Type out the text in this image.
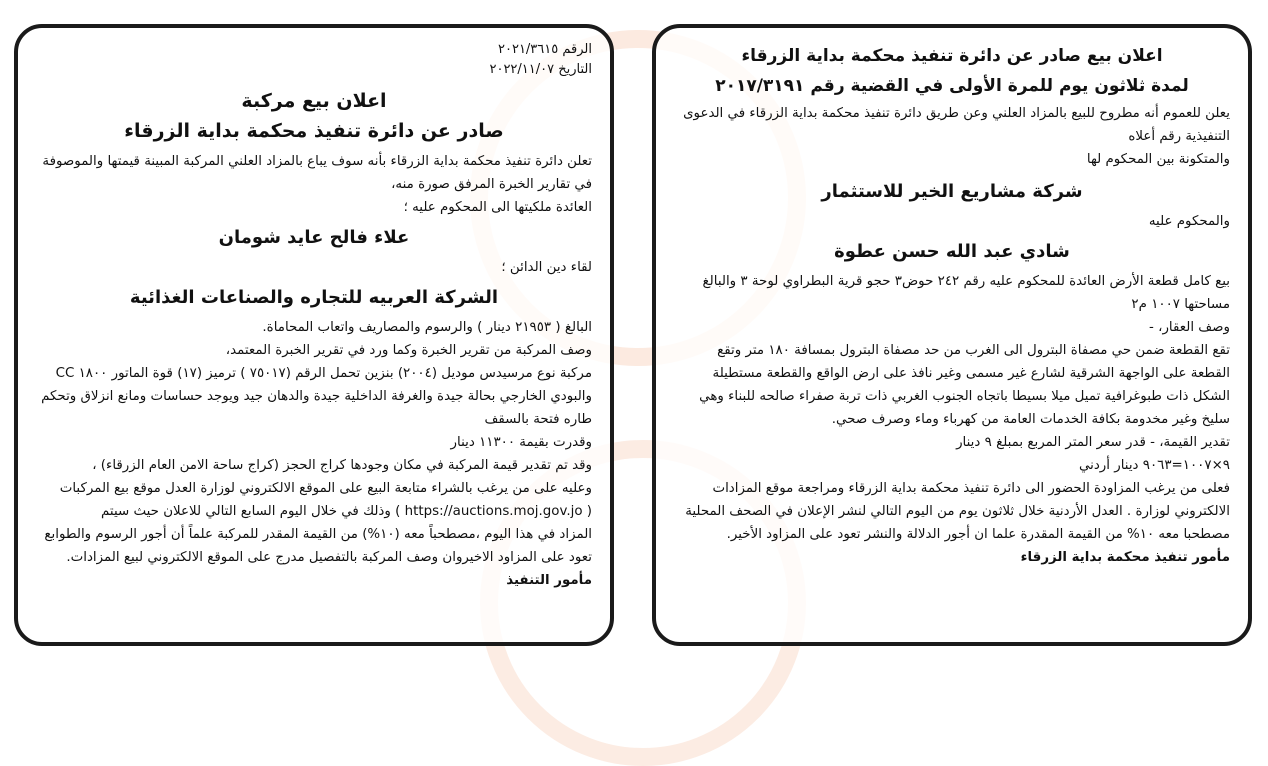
الرقم ٢٠٢١/٣٦١٥
التاريخ ٢٠٢٢/١١/٠٧
اعلان بيع مركبة
صادر عن دائرة تنفيذ محكمة بداية الزرقاء

تعلن دائرة تنفيذ محكمة بداية الزرقاء بأنه سوف يباع بالمزاد العلني المركبة المبينة قيمتها والموصوفة في تقارير الخبرة المرفق صورة منه،

العائدة ملكيتها الى المحكوم عليه ؛

علاء فالح عايد شومان

لقاء دين الدائن ؛

الشركة العربيه للتجاره والصناعات الغذائية

البالغ ( ٢١٩٥٣ دينار ) والرسوم والمصاريف واتعاب المحاماة.

وصف المركبة من تقرير الخبرة وكما ورد في تقرير الخبرة المعتمد،

مركبة نوع مرسيدس موديل (٢٠٠٤) بنزين تحمل الرقم (٧٥٠١٧ ) ترميز (١٧) قوة الماتور ١٨٠٠ CC

والبودي الخارجي بحالة جيدة والغرفة الداخلية جيدة والدهان جيد ويوجد حساسات ومانع انزلاق وتحكم طاره فتحة بالسقف

وقدرت بقيمة ١١٣٠٠ دينار

وقد تم تقدير قيمة المركبة في مكان وجودها كراج الحجز (كراج ساحة الامن العام الزرقاء) ،

وعليه على من يرغب بالشراء متابعة البيع على الموقع الالكتروني لوزارة العدل موقع بيع المركبات

( https://auctions.moj.gov.jo ) وذلك في خلال اليوم السابع التالي للاعلان حيث سيتم

المزاد في هذا اليوم ،مصطحباً معه (١٠%) من القيمة المقدر للمركبة علماً أن أجور الرسوم والطوابع تعود على المزاود الاخيروان وصف المركبة بالتفصيل مدرج على الموقع الالكتروني لبيع المزادات.

مأمور التنفيذ

اعلان بيع صادر عن دائرة تنفيذ محكمة بداية الزرقاء
لمدة ثلاثون يوم للمرة الأولى في القضية رقم ٢٠١٧/٣١٩١

يعلن للعموم أنه مطروح للبيع بالمزاد العلني وعن طريق دائرة تنفيذ محكمة بداية الزرقاء في الدعوى التنفيذية رقم أعلاه

والمتكونة بين المحكوم لها

شركة مشاريع الخير للاستثمار

والمحكوم عليه

شادي عبد الله حسن عطوة

بيع كامل قطعة الأرض العائدة للمحكوم عليه رقم ٢٤٢ حوض٣ حجو قرية البطراوي لوحة ٣ والبالغ مساحتها ١٠٠٧ م٢

وصف العقار، -

تقع القطعة ضمن حي مصفاة البترول الى الغرب من حد مصفاة البترول بمسافة ١٨٠ متر وتقع القطعة على الواجهة الشرقية لشارع غير مسمى وغير نافذ على ارض الواقع والقطعة مستطيلة الشكل ذات طبوغرافية تميل ميلا بسيطا باتجاه الجنوب الغربي ذات تربة صفراء صالحه للبناء وهي سليخ وغير مخدومة بكافة الخدمات العامة من كهرباء وماء وصرف صحي.

تقدير القيمة، - قدر سعر المتر المربع بمبلغ ٩ دينار

٩×١٠٠٧=٩٠٦٣ دينار أردني

فعلى من يرغب المزاودة الحضور الى دائرة تنفيذ محكمة بداية الزرقاء ومراجعة موقع المزادات الالكتروني لوزارة . العدل الأردنية خلال ثلاثون يوم من اليوم التالي لنشر الإعلان في الصحف المحلية مصطحبا معه ١٠% من القيمة المقدرة علما ان أجور الدلالة والنشر تعود على المزاود الأخير.

مأمور تنفيذ محكمة بداية الزرقاء
